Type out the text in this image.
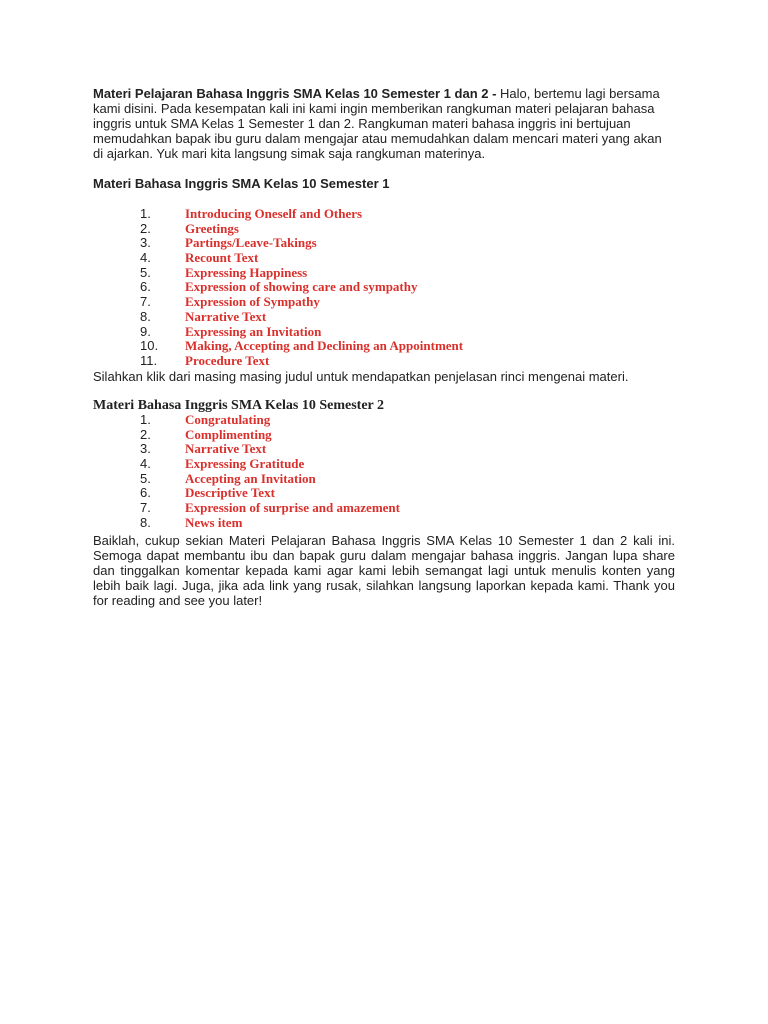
Materi Pelajaran Bahasa Inggris SMA Kelas 10 Semester 1 dan 2 - Halo, bertemu lagi bersama kami disini. Pada kesempatan kali ini kami ingin memberikan rangkuman materi pelajaran bahasa inggris untuk SMA Kelas 1 Semester 1 dan 2. Rangkuman materi bahasa inggris ini bertujuan memudahkan bapak ibu guru dalam mengajar atau memudahkan dalam mencari materi yang akan di ajarkan. Yuk mari kita langsung simak saja rangkuman materinya.

Materi Bahasa Inggris SMA Kelas 10 Semester 1
1.	Introducing Oneself and Others
2.	Greetings
3.	Partings/Leave-Takings
4.	Recount Text
5.	Expressing Happiness
6.	Expression of showing care and sympathy
7.	Expression of Sympathy
8.	Narrative Text
9.	Expressing an Invitation
10. Making, Accepting and Declining an Appointment
11. Procedure Text
Silahkan klik dari masing masing judul untuk mendapatkan penjelasan rinci mengenai materi.
Materi Bahasa Inggris SMA Kelas 10 Semester 2
1.	Congratulating
2.	Complimenting
3.	Narrative Text
4.	Expressing Gratitude
5.	Accepting an Invitation
6.	Descriptive Text
7.	Expression of surprise and amazement
8.	News item

Baiklah, cukup sekian Materi Pelajaran Bahasa Inggris SMA Kelas 10 Semester 1 dan 2 kali ini. Semoga dapat membantu ibu dan bapak guru dalam mengajar bahasa inggris. Jangan lupa share dan tinggalkan komentar kepada kami agar kami lebih semangat lagi untuk menulis konten yang lebih baik lagi. Juga, jika ada link yang rusak, silahkan langsung laporkan kepada kami. Thank you for reading and see you later!
